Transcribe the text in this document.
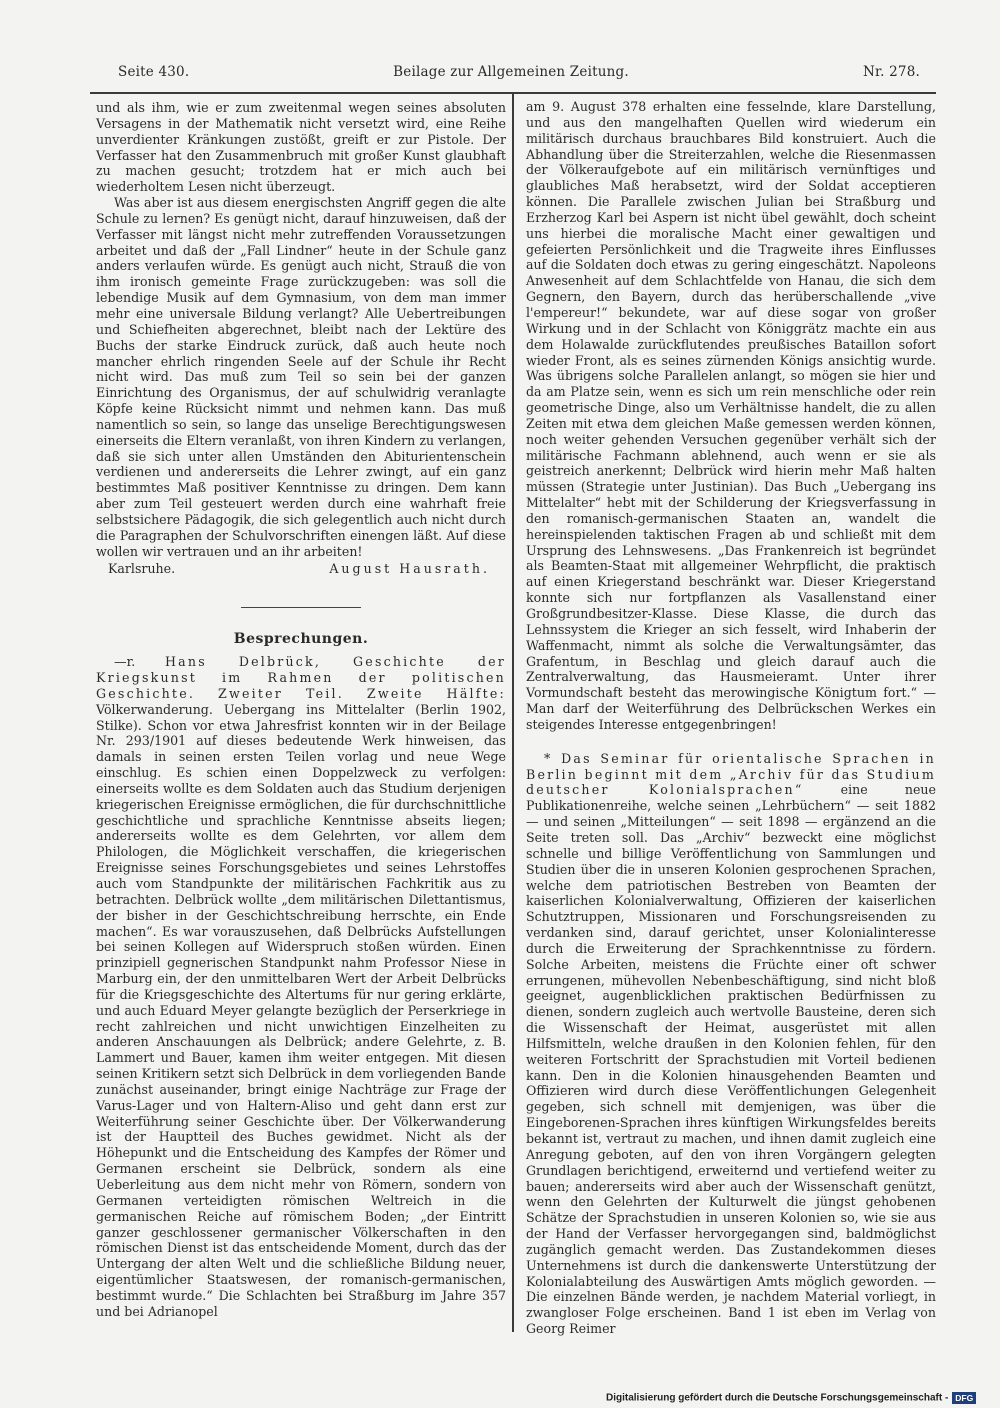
Seite 430.	Beilage zur Allgemeinen Zeitung.	Nr. 278.

und als ihm, wie er zum zweitenmal wegen seines absoluten Versagens in der Mathematik nicht versetzt wird, eine Reihe unverdienter Kränkungen zustößt, greift er zur Pistole. Der Verfasser hat den Zusammenbruch mit großer Kunst glaubhaft zu machen gesucht; trotzdem hat er mich auch bei wiederholtem Lesen nicht überzeugt.

Was aber ist aus diesem energischsten Angriff gegen die alte Schule zu lernen? Es genügt nicht, darauf hinzuweisen, daß der Verfasser mit längst nicht mehr zutreffenden Voraussetzungen arbeitet und daß der „Fall Lindner“ heute in der Schule ganz anders verlaufen würde. Es genügt auch nicht, Strauß die von ihm ironisch gemeinte Frage zurückzugeben: was soll die lebendige Musik auf dem Gymnasium, von dem man immer mehr eine universale Bildung verlangt? Alle Uebertreibungen und Schiefheiten abgerechnet, bleibt nach der Lektüre des Buchs der starke Eindruck zurück, daß auch heute noch mancher ehrlich ringenden Seele auf der Schule ihr Recht nicht wird. Das muß zum Teil so sein bei der ganzen Einrichtung des Organismus, der auf schulwidrig veranlagte Köpfe keine Rücksicht nimmt und nehmen kann. Das muß namentlich so sein, so lange das unselige Berechtigungswesen einerseits die Eltern veranlaßt, von ihren Kindern zu verlangen, daß sie sich unter allen Umständen den Abiturientenschein verdienen und andererseits die Lehrer zwingt, auf ein ganz bestimmtes Maß positiver Kenntnisse zu dringen. Dem kann aber zum Teil gesteuert werden durch eine wahrhaft freie selbstsichere Pädagogik, die sich gelegentlich auch nicht durch die Paragraphen der Schulvorschriften einengen läßt. Auf diese wollen wir vertrauen und an ihr arbeiten!

Karlsruhe.	August Hausrath.
Besprechungen.

—r. Hans Delbrück, Geschichte der Kriegskunst im Rahmen der politischen Geschichte. Zweiter Teil. Zweite Hälfte: Völkerwanderung. Uebergang ins Mittelalter (Berlin 1902, Stilke). Schon vor etwa Jahresfrist konnten wir in der Beilage Nr. 293/1901 auf dieses bedeutende Werk hinweisen, das damals in seinen ersten Teilen vorlag und neue Wege einschlug. Es schien einen Doppelzweck zu verfolgen: einerseits wollte es dem Soldaten auch das Studium derjenigen kriegerischen Ereignisse ermöglichen, die für durchschnittliche geschichtliche und sprachliche Kenntnisse abseits liegen; andererseits wollte es dem Gelehrten, vor allem dem Philologen, die Möglichkeit verschaffen, die kriegerischen Ereignisse seines Forschungsgebietes und seines Lehrstoffes auch vom Standpunkte der militärischen Fachkritik aus zu betrachten. Delbrück wollte „dem militärischen Dilettantismus, der bisher in der Geschichtschreibung herrschte, ein Ende machen“. Es war vorauszusehen, daß Delbrücks Aufstellungen bei seinen Kollegen auf Widerspruch stoßen würden. Einen prinzipiell gegnerischen Standpunkt nahm Professor Niese in Marburg ein, der den unmittelbaren Wert der Arbeit Delbrücks für die Kriegsgeschichte des Altertums für nur gering erklärte, und auch Eduard Meyer gelangte bezüglich der Perserkriege in recht zahlreichen und nicht unwichtigen Einzelheiten zu anderen Anschauungen als Delbrück; andere Gelehrte, z. B. Lammert und Bauer, kamen ihm weiter entgegen. Mit diesen seinen Kritikern setzt sich Delbrück in dem vorliegenden Bande zunächst auseinander, bringt einige Nachträge zur Frage der Varus-Lager und von Haltern-Aliso und geht dann erst zur Weiterführung seiner Geschichte über. Der Völkerwanderung ist der Hauptteil des Buches gewidmet. Nicht als der Höhepunkt und die Entscheidung des Kampfes der Römer und Germanen erscheint sie Delbrück, sondern als eine Ueberleitung aus dem nicht mehr von Römern, sondern von Germanen verteidigten römischen Weltreich in die germanischen Reiche auf römischem Boden; „der Eintritt ganzer geschlossener germanischer Völkerschaften in den römischen Dienst ist das entscheidende Moment, durch das der Untergang der alten Welt und die schließliche Bildung neuer, eigentümlicher Staatswesen, der romanisch-germanischen, bestimmt wurde.“ Die Schlachten bei Straßburg im Jahre 357 und bei Adrianopel

am 9. August 378 erhalten eine fesselnde, klare Darstellung, und aus den mangelhaften Quellen wird wiederum ein militärisch durchaus brauchbares Bild konstruiert. Auch die Abhandlung über die Streiterzahlen, welche die Riesenmassen der Völkeraufgebote auf ein militärisch vernünftiges und glaubliches Maß herabsetzt, wird der Soldat acceptieren können. Die Parallele zwischen Julian bei Straßburg und Erzherzog Karl bei Aspern ist nicht übel gewählt, doch scheint uns hierbei die moralische Macht einer gewaltigen und gefeierten Persönlichkeit und die Tragweite ihres Einflusses auf die Soldaten doch etwas zu gering eingeschätzt. Napoleons Anwesenheit auf dem Schlachtfelde von Hanau, die sich dem Gegnern, den Bayern, durch das herüberschallende „vive l'empereur!“ bekundete, war auf diese sogar von großer Wirkung und in der Schlacht von Königgrätz machte ein aus dem Holawalde zurückflutendes preußisches Bataillon sofort wieder Front, als es seines zürnenden Königs ansichtig wurde. Was übrigens solche Parallelen anlangt, so mögen sie hier und da am Platze sein, wenn es sich um rein menschliche oder rein geometrische Dinge, also um Verhältnisse handelt, die zu allen Zeiten mit etwa dem gleichen Maße gemessen werden können, noch weiter gehenden Versuchen gegenüber verhält sich der militärische Fachmann ablehnend, auch wenn er sie als geistreich anerkennt; Delbrück wird hierin mehr Maß halten müssen (Strategie unter Justinian). Das Buch „Uebergang ins Mittelalter“ hebt mit der Schilderung der Kriegsverfassung in den romanisch-germanischen Staaten an, wandelt die hereinspielenden taktischen Fragen ab und schließt mit dem Ursprung des Lehnswesens. „Das Frankenreich ist begründet als Beamten-Staat mit allgemeiner Wehrpflicht, die praktisch auf einen Kriegerstand beschränkt war. Dieser Kriegerstand konnte sich nur fortpflanzen als Vasallenstand einer Großgrundbesitzer-Klasse. Diese Klasse, die durch das Lehnssystem die Krieger an sich fesselt, wird Inhaberin der Waffenmacht, nimmt als solche die Verwaltungsämter, das Grafentum, in Beschlag und gleich darauf auch die Zentralverwaltung, das Hausmeieramt. Unter ihrer Vormundschaft besteht das merowingische Königtum fort.“ — Man darf der Weiterführung des Delbrückschen Werkes ein steigendes Interesse entgegenbringen!

* Das Seminar für orientalische Sprachen in Berlin beginnt mit dem „Archiv für das Studium deutscher Kolonialsprachen“	eine neue Publikationenreihe, welche seinen „Lehrbüchern“ — seit 1882 — und seinen „Mitteilungen“ — seit 1898 — ergänzend an die Seite treten soll. Das „Archiv“ bezweckt eine möglichst schnelle und billige Veröffentlichung von Sammlungen und Studien über die in unseren Kolonien gesprochenen Sprachen, welche dem patriotischen Bestreben von Beamten der kaiserlichen Kolonialverwaltung, Offizieren der kaiserlichen Schutztruppen, Missionaren und Forschungsreisenden zu verdanken sind, darauf gerichtet, unser Kolonialinteresse durch die Erweiterung der Sprachkenntnisse zu fördern. Solche Arbeiten, meistens die Früchte einer oft schwer errungenen, mühevollen Nebenbeschäftigung, sind nicht bloß geeignet, augenblicklichen praktischen Bedürfnissen zu dienen, sondern zugleich auch wertvolle Bausteine, deren sich die Wissenschaft der Heimat, ausgerüstet mit allen Hilfsmitteln, welche draußen in den Kolonien fehlen, für den weiteren Fortschritt der Sprachstudien mit Vorteil bedienen kann. Den in die Kolonien hinausgehenden Beamten und Offizieren wird durch diese Veröffentlichungen Gelegenheit gegeben, sich schnell mit demjenigen, was über die Eingeborenen-Sprachen ihres künftigen Wirkungsfeldes bereits bekannt ist, vertraut zu machen, und ihnen damit zugleich eine Anregung geboten, auf den von ihren Vorgängern gelegten Grundlagen berichtigend, erweiternd und vertiefend weiter zu bauen; andererseits wird aber auch der Wissenschaft genützt, wenn den Gelehrten der Kulturwelt die jüngst gehobenen Schätze der Sprachstudien in unseren Kolonien so, wie sie aus der Hand der Verfasser hervorgegangen sind, baldmöglichst zugänglich gemacht werden. Das Zustandekommen dieses Unternehmens ist durch die dankenswerte Unterstützung der Kolonialabteilung des Auswärtigen Amts möglich geworden. — Die einzelnen Bände werden, je nachdem Material vorliegt, in zwangloser Folge erscheinen. Band 1 ist eben im Verlag von Georg Reimer

Digitalisierung gefördert durch die Deutsche Forschungsgemeinschaft - DFG
